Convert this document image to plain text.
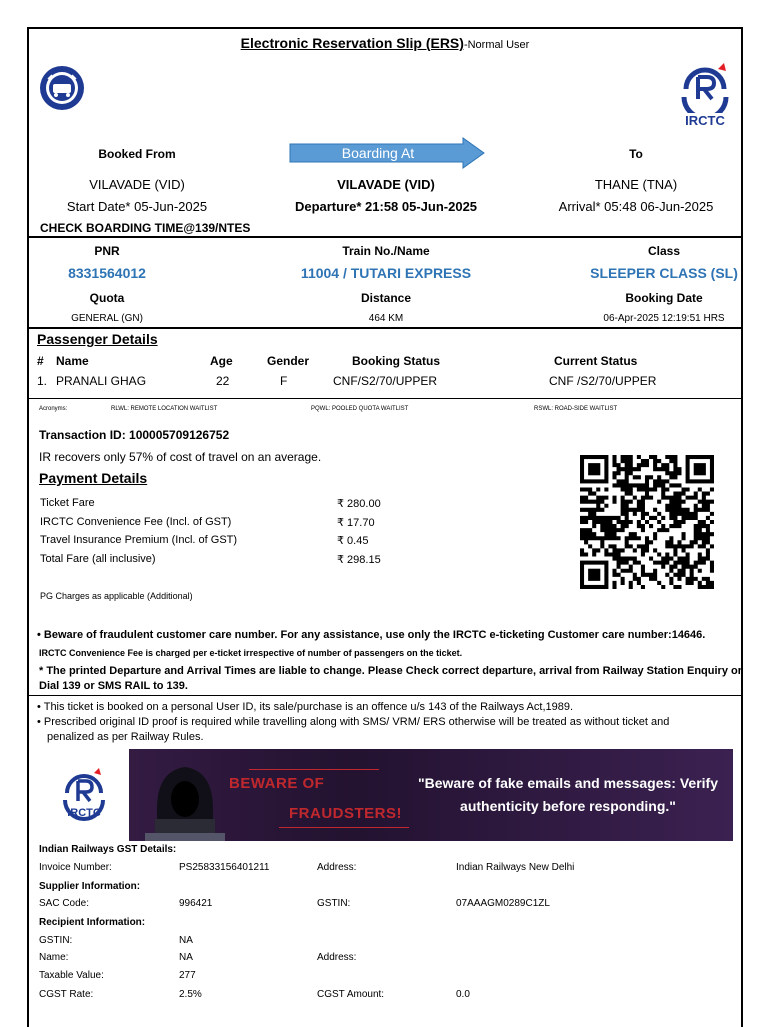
Electronic Reservation Slip (ERS)-Normal User
IRCTC
Booked From	Boarding At	To
VILAVADE (VID)	VILAVADE (VID)	THANE (TNA)
Start Date* 05-Jun-2025	Departure* 21:58 05-Jun-2025	Arrival* 05:48 06-Jun-2025
CHECK BOARDING TIME@139/NTES
PNR	Train No./Name	Class
8331564012	11004 / TUTARI EXPRESS	SLEEPER CLASS (SL)
Quota	Distance	Booking Date
GENERAL (GN)	464 KM	06-Apr-2025 12:19:51 HRS
Passenger Details
# Name	Age	Gender	Booking Status	Current Status
1. PRANALI GHAG	22	F	CNF/S2/70/UPPER	CNF /S2/70/UPPER
Acronyms:	RLWL: REMOTE LOCATION WAITLIST	PQWL: POOLED QUOTA WAITLIST	RSWL: ROAD-SIDE WAITLIST
Transaction ID: 100005709126752
IR recovers only 57% of cost of travel on an average.
Payment Details
Ticket Fare	₹ 280.00
IRCTC Convenience Fee (Incl. of GST)	₹ 17.70
Travel Insurance Premium (Incl. of GST)	₹ 0.45
Total Fare (all inclusive)	₹ 298.15
PG Charges as applicable (Additional)
• Beware of fraudulent customer care number. For any assistance, use only the IRCTC e-ticketing Customer care number:14646.
IRCTC Convenience Fee is charged per e-ticket irrespective of number of passengers on the ticket.
* The printed Departure and Arrival Times are liable to change. Please Check correct departure, arrival from Railway Station Enquiry or
Dial 139 or SMS RAIL to 139.
• This ticket is booked on a personal User ID, its sale/purchase is an offence u/s 143 of the Railways Act,1989.
• Prescribed original ID proof is required while travelling along with SMS/ VRM/ ERS otherwise will be treated as without ticket and
penalized as per Railway Rules.
IRCTC
BEWARE OF
FRAUDSTERS!
"Beware of fake emails and messages: Verify
authenticity before responding."
Indian Railways GST Details:
Invoice Number:	PS25833156401211	Address:	Indian Railways New Delhi
Supplier Information:
SAC Code:	996421	GSTIN:	07AAAGM0289C1ZL
Recipient Information:
GSTIN:	NA
Name:	NA	Address:
Taxable Value:	277
CGST Rate:	2.5%	CGST Amount:	0.0
